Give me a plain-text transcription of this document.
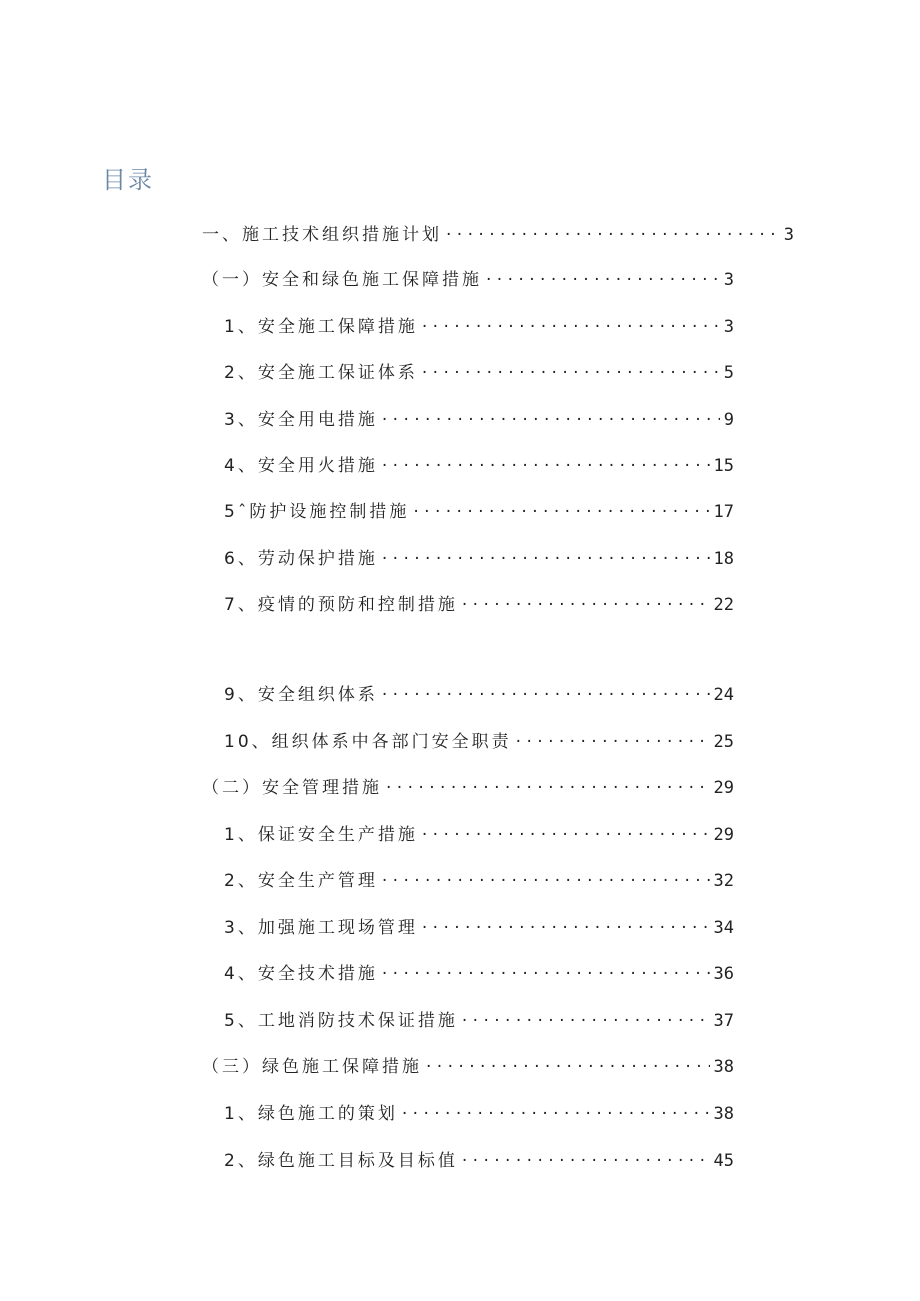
目录
一、施工技术组织措施计划 . . .	3
（一）安全和绿色施工保障措施 . . .	3
1、安全施工保障措施 . . .	3
2、安全施工保证体系 . . .	5
3、安全用电措施 . . .	9
4、安全用火措施 . . .	15
5ˆ防护设施控制措施 . . .	17
6、劳动保护措施 . . .	18
7、疫情的预防和控制措施 . . .	22
9、安全组织体系 . . .	24
10、组织体系中各部门安全职责 . . .	25
（二）安全管理措施 . . .	29
1、保证安全生产措施 . . .	29
2、安全生产管理 . . .	32
3、加强施工现场管理 . . .	34
4、安全技术措施 . . .	36
5、工地消防技术保证措施 . . .	37
（三）绿色施工保障措施 . . .	38
1、绿色施工的策划 . . .	38
2、绿色施工目标及目标值 . . .	45
